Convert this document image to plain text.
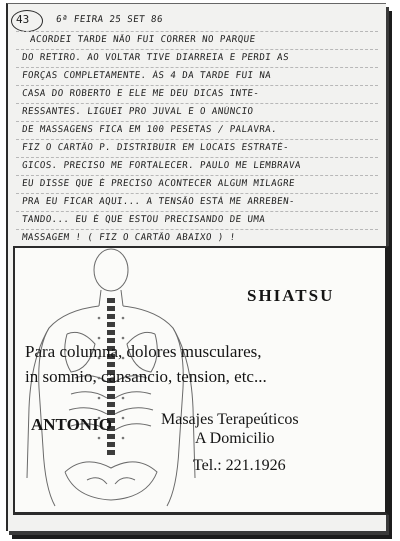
43	6ª FEIRA 25 SET 86
ACORDEI TARDE NÃO FUI CORRER NO PARQUE
DO RETIRO. AO VOLTAR TIVE DIARREIA E PERDI AS
FORÇAS COMPLETAMENTE. ÀS 4 DA TARDE FUI NA
CASA DO ROBERTO E ELE ME DEU DICAS INTE-
RESSANTES. LIGUEI PRO JUVAL E O ANÚNCIO
DE MASSAGENS FICA EM 100 PESETAS / PALAVRA.
FIZ O CARTÃO P. DISTRIBUIR EM LOCAIS ESTRATÉ-
GICOS. PRECISO ME FORTALECER. PAULO ME LEMBRAVA
EU DISSE QUE É PRECISO ACONTECER ALGUM MILAGRE
PRA EU FICAR AQUI... A TENSÃO ESTÁ ME ARREBEN-
TANDO... EU É QUE ESTOU PRECISANDO DE UMA
MASSAGEM ! ( FIZ O CARTÃO ABAIXO ) !
SHIATSU
Para columna, dolores musculares,
in somnio, cansancio, tension, etc...
ANTONIO	Masajes Terapeúticos
A Domicilio
Tel.: 221.1926
